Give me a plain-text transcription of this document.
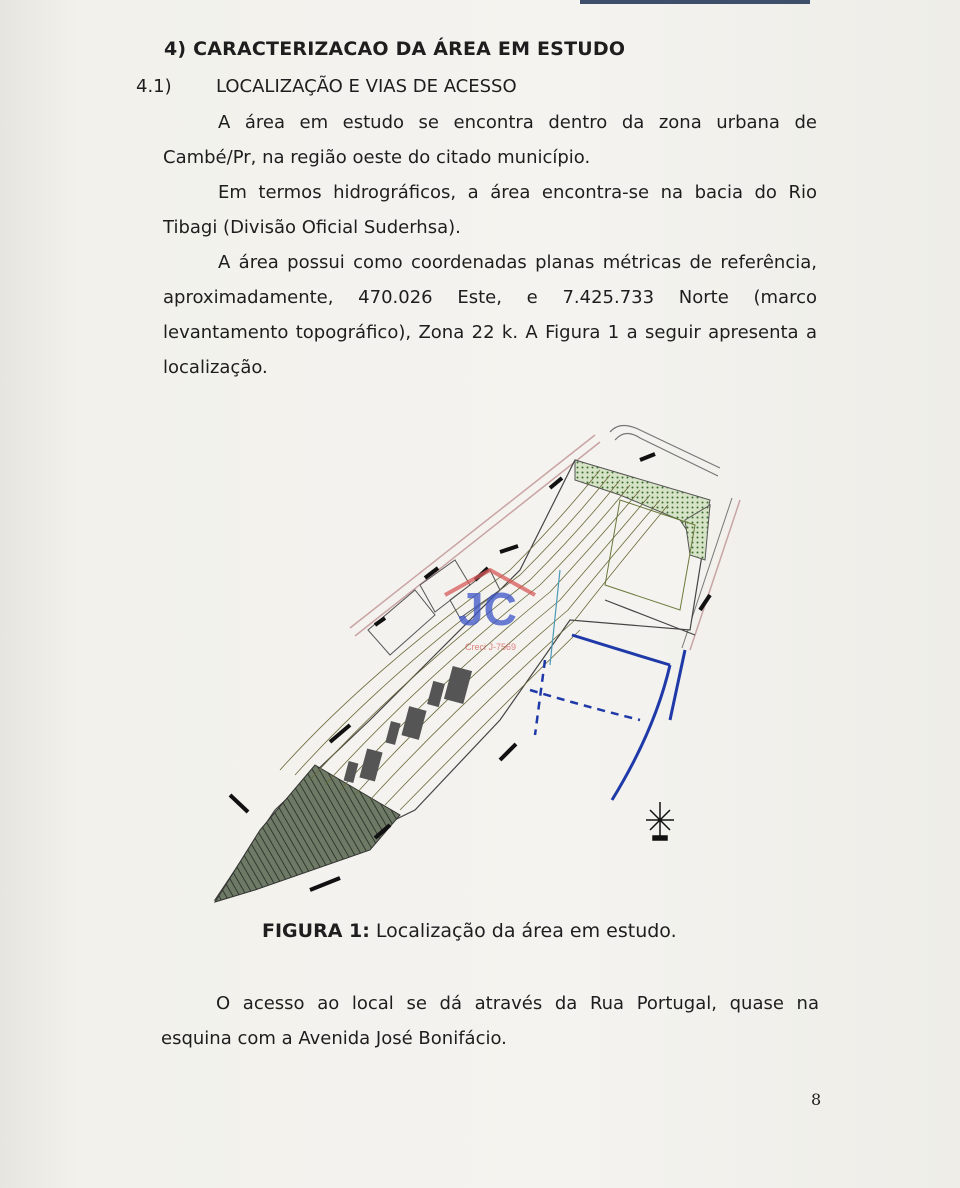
4) CARACTERIZACAO DA ÁREA EM ESTUDO
4.1) LOCALIZAÇÃO E VIAS DE ACESSO

A área em estudo se encontra dentro da zona urbana de Cambé/Pr, na região oeste do citado município.

Em termos hidrográficos, a área encontra-se na bacia do Rio Tibagi (Divisão Oficial Suderhsa).

A área possui como coordenadas planas métricas de referência, aproximadamente, 470.026 Este, e 7.425.733 Norte (marco levantamento topográfico), Zona 22 k. A Figura 1 a seguir apresenta a localização.

JC
Creci J-7569
FIGURA 1: Localização da área em estudo.

O acesso ao local se dá através da Rua Portugal, quase na esquina com a Avenida José Bonifácio.

8
